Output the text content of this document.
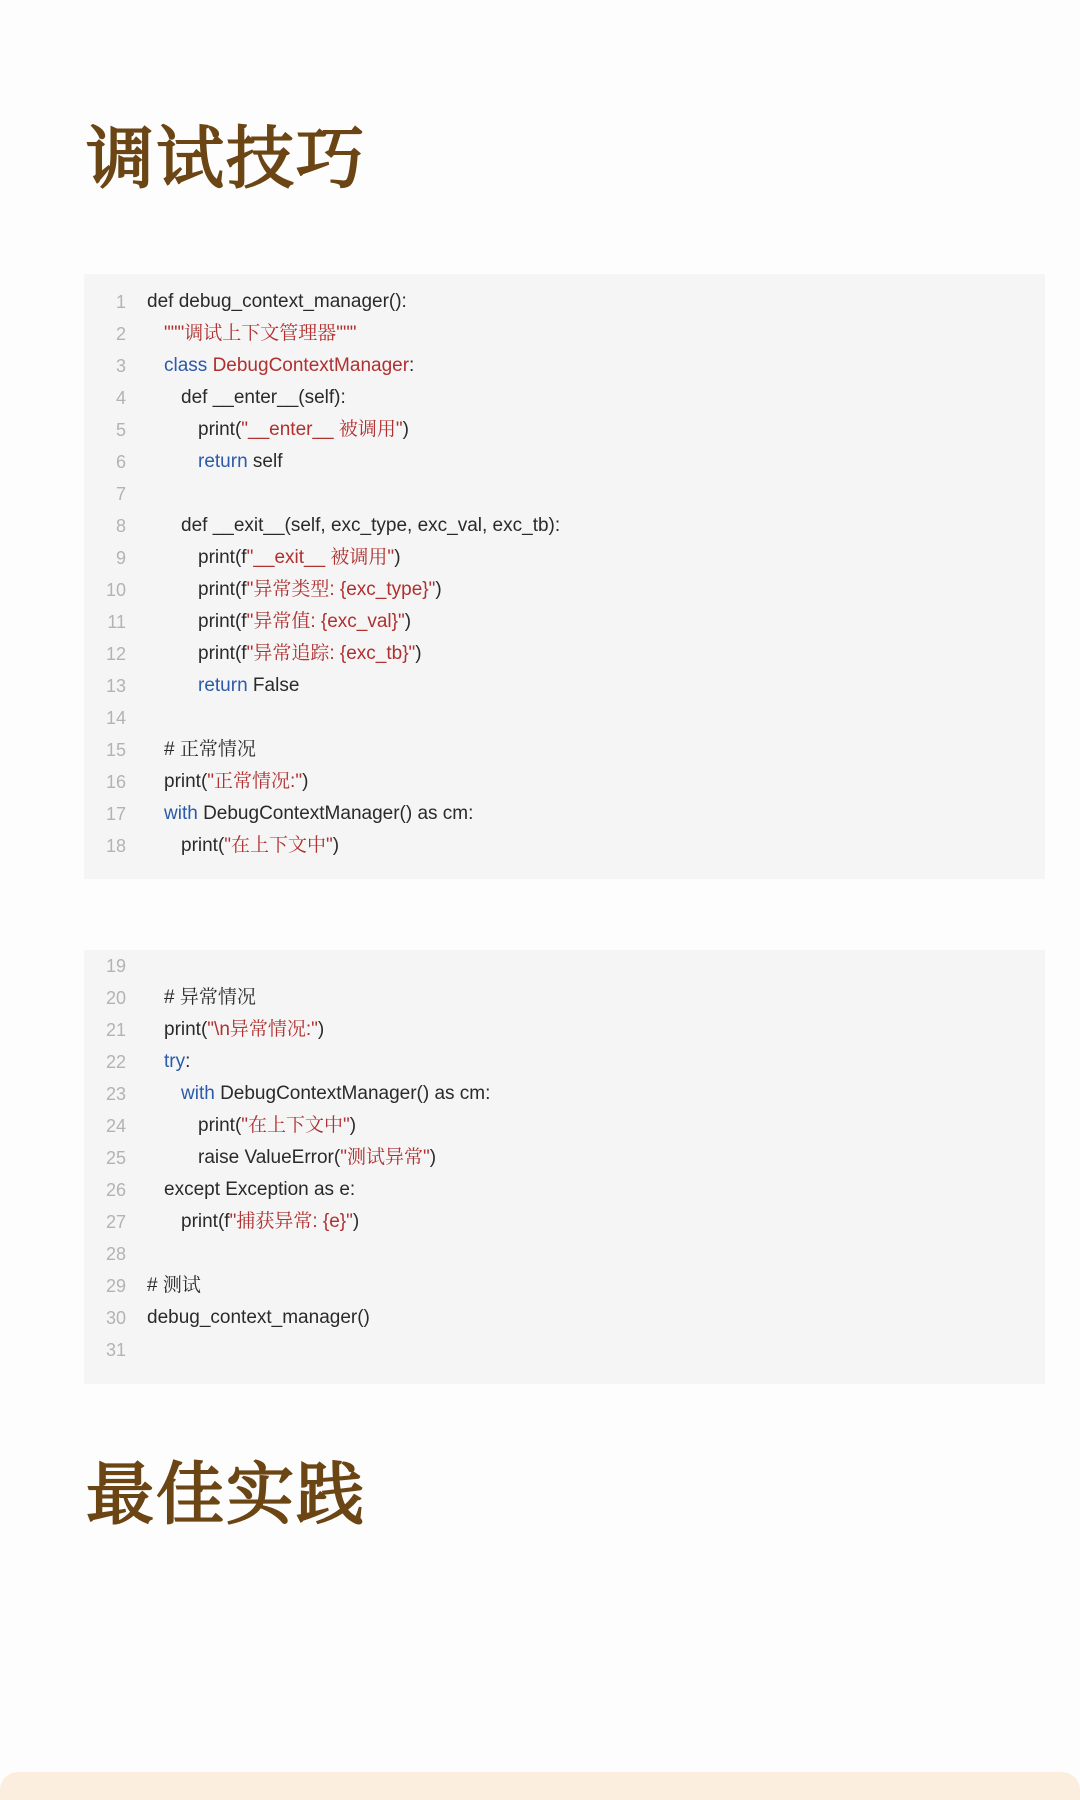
调试技巧
1 def debug_context_manager():
2 """调试上下文管理器"""
3 class DebugContextManager:
4	def __enter__(self):
5	print("__enter__ 被调用")
6	return self
7
8	def __exit__(self, exc_type, exc_val, exc_tb):
9	print(f"__exit__ 被调用")
10	print(f"异常类型: {exc_type}")
11	print(f"异常值: {exc_val}")
12	print(f"异常追踪: {exc_tb}")
13	return False
14
15 # 正常情况
16 print("正常情况:")
17 with DebugContextManager() as cm:
18	print("在上下文中")
19
20 # 异常情况
21 print("\n异常情况:")
22 try:
23	with DebugContextManager() as cm:
24	print("在上下文中")
25	raise ValueError("测试异常")
26 except Exception as e:
27	print(f"捕获异常: {e}")
28
29 # 测试
30 debug_context_manager()
31
最佳实践
